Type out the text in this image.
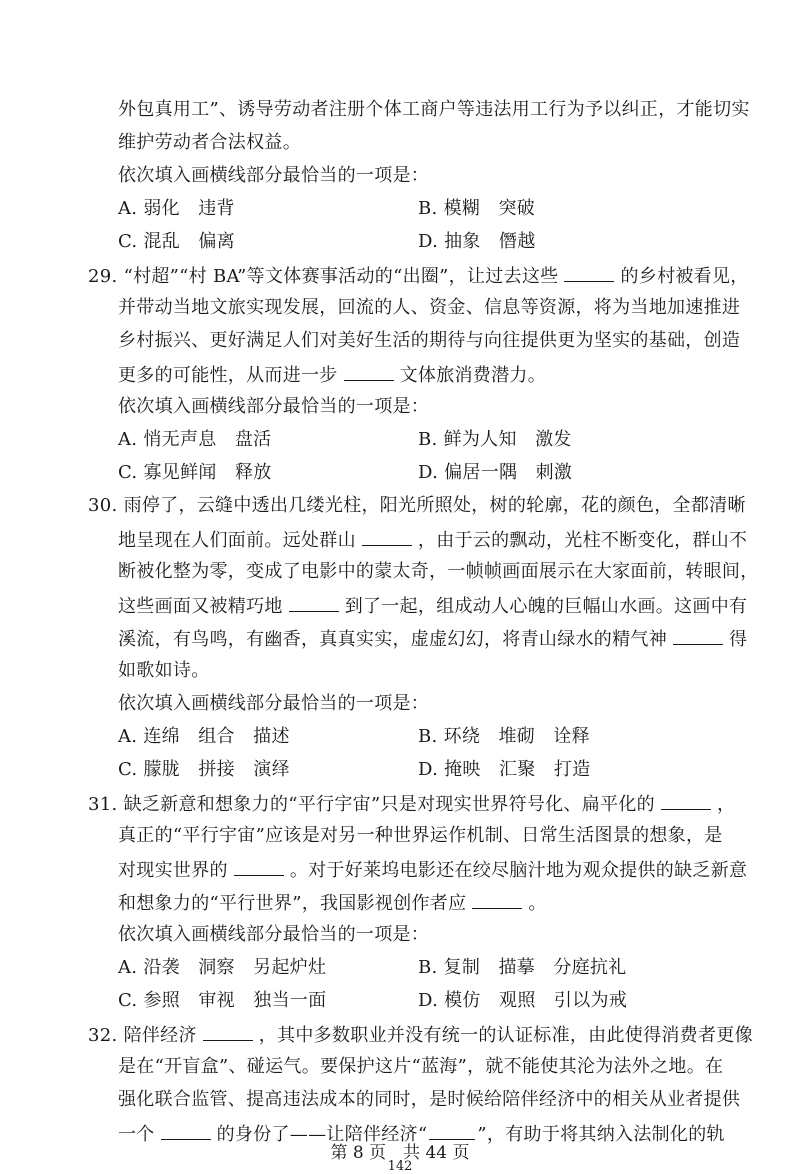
外包真用工”、诱导劳动者注册个体工商户等违法用工行为予以纠正，才能切实
维护劳动者合法权益。
依次填入画横线部分最恰当的一项是：
A. 弱化　违背	B. 模糊　突破
C. 混乱　偏离	D. 抽象　僭越
29. “村超”“村 BA”等文体赛事活动的“出圈”，让过去这些	的乡村被看见，
并带动当地文旅实现发展，回流的人、资金、信息等资源，将为当地加速推进
乡村振兴、更好满足人们对美好生活的期待与向往提供更为坚实的基础，创造
更多的可能性，从而进一步	文体旅消费潜力。
依次填入画横线部分最恰当的一项是：
A. 悄无声息　盘活	B. 鲜为人知　激发
C. 寡见鲜闻　释放	D. 偏居一隅　刺激
30. 雨停了，云缝中透出几缕光柱，阳光所照处，树的轮廓，花的颜色，全都清晰
地呈现在人们面前。远处群山	，由于云的飘动，光柱不断变化，群山不
断被化整为零，变成了电影中的蒙太奇，一帧帧画面展示在大家面前，转眼间，
这些画面又被精巧地	到了一起，组成动人心魄的巨幅山水画。这画中有
溪流，有鸟鸣，有幽香，真真实实，虚虚幻幻，将青山绿水的精气神	得
如歌如诗。
依次填入画横线部分最恰当的一项是：
A. 连绵　组合　描述	B. 环绕　堆砌　诠释
C. 朦胧　拼接　演绎	D. 掩映　汇聚　打造
31. 缺乏新意和想象力的“平行宇宙”只是对现实世界符号化、扁平化的	，
真正的“平行宇宙”应该是对另一种世界运作机制、日常生活图景的想象，是
对现实世界的	。对于好莱坞电影还在绞尽脑汁地为观众提供的缺乏新意
和想象力的“平行世界”，我国影视创作者应	。
依次填入画横线部分最恰当的一项是：
A. 沿袭　洞察　另起炉灶	B. 复制　描摹　分庭抗礼
C. 参照　审视　独当一面	D. 模仿　观照　引以为戒
32. 陪伴经济	，其中多数职业并没有统一的认证标准，由此使得消费者更像
是在“开盲盒”、碰运气。要保护这片“蓝海”，就不能使其沦为法外之地。在
强化联合监管、提高违法成本的同时，是时候给陪伴经济中的相关从业者提供
一个	的身份了——让陪伴经济“	”，有助于将其纳入法制化的轨
第 8 页　共 44 页
142
